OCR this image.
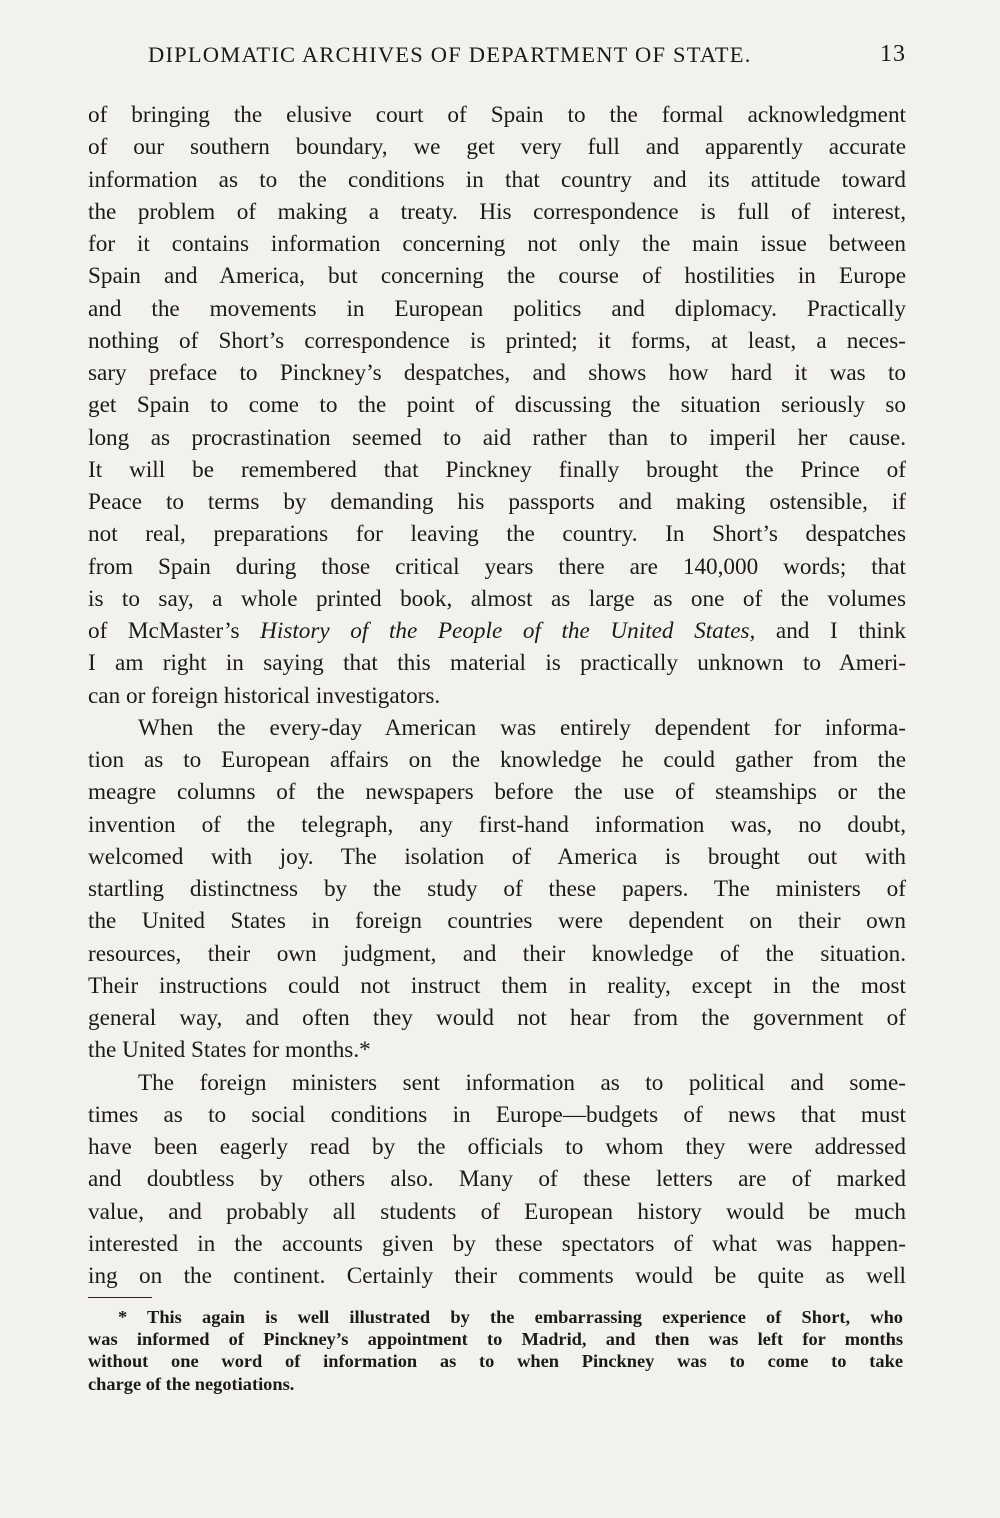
DIPLOMATIC ARCHIVES OF DEPARTMENT OF STATE.	13
of bringing the elusive court of Spain to the formal acknowledgment
of our southern boundary, we get very full and apparently accurate
information as to the conditions in that country and its attitude toward
the problem of making a treaty. His correspondence is full of interest,
for it contains information concerning not only the main issue between
Spain and America, but concerning the course of hostilities in Europe
and the movements in European politics and diplomacy. Practically
nothing of Short’s correspondence is printed; it forms, at least, a neces-
sary preface to Pinckney’s despatches, and shows how hard it was to
get Spain to come to the point of discussing the situation seriously so
long as procrastination seemed to aid rather than to imperil her cause.
It will be remembered that Pinckney finally brought the Prince of
Peace to terms by demanding his passports and making ostensible, if
not real, preparations for leaving the country. In Short’s despatches
from Spain during those critical years there are 140,000 words; that
is to say, a whole printed book, almost as large as one of the volumes
of McMaster’s History of the People of the United States, and I think
I am right in saying that this material is practically unknown to Ameri-
can or foreign historical investigators.
When the every-day American was entirely dependent for informa-
tion as to European affairs on the knowledge he could gather from the
meagre columns of the newspapers before the use of steamships or the
invention of the telegraph, any first-hand information was, no doubt,
welcomed with joy. The isolation of America is brought out with
startling distinctness by the study of these papers. The ministers of
the United States in foreign countries were dependent on their own
resources, their own judgment, and their knowledge of the situation.
Their instructions could not instruct them in reality, except in the most
general way, and often they would not hear from the government of
the United States for months.*
The foreign ministers sent information as to political and some-
times as to social conditions in Europe—budgets of news that must
have been eagerly read by the officials to whom they were addressed
and doubtless by others also. Many of these letters are of marked
value, and probably all students of European history would be much
interested in the accounts given by these spectators of what was happen-
ing on the continent. Certainly their comments would be quite as well
* This again is well illustrated by the embarrassing experience of Short, who
was informed of Pinckney’s appointment to Madrid, and then was left for months
without one word of information as to when Pinckney was to come to take
charge of the negotiations.
